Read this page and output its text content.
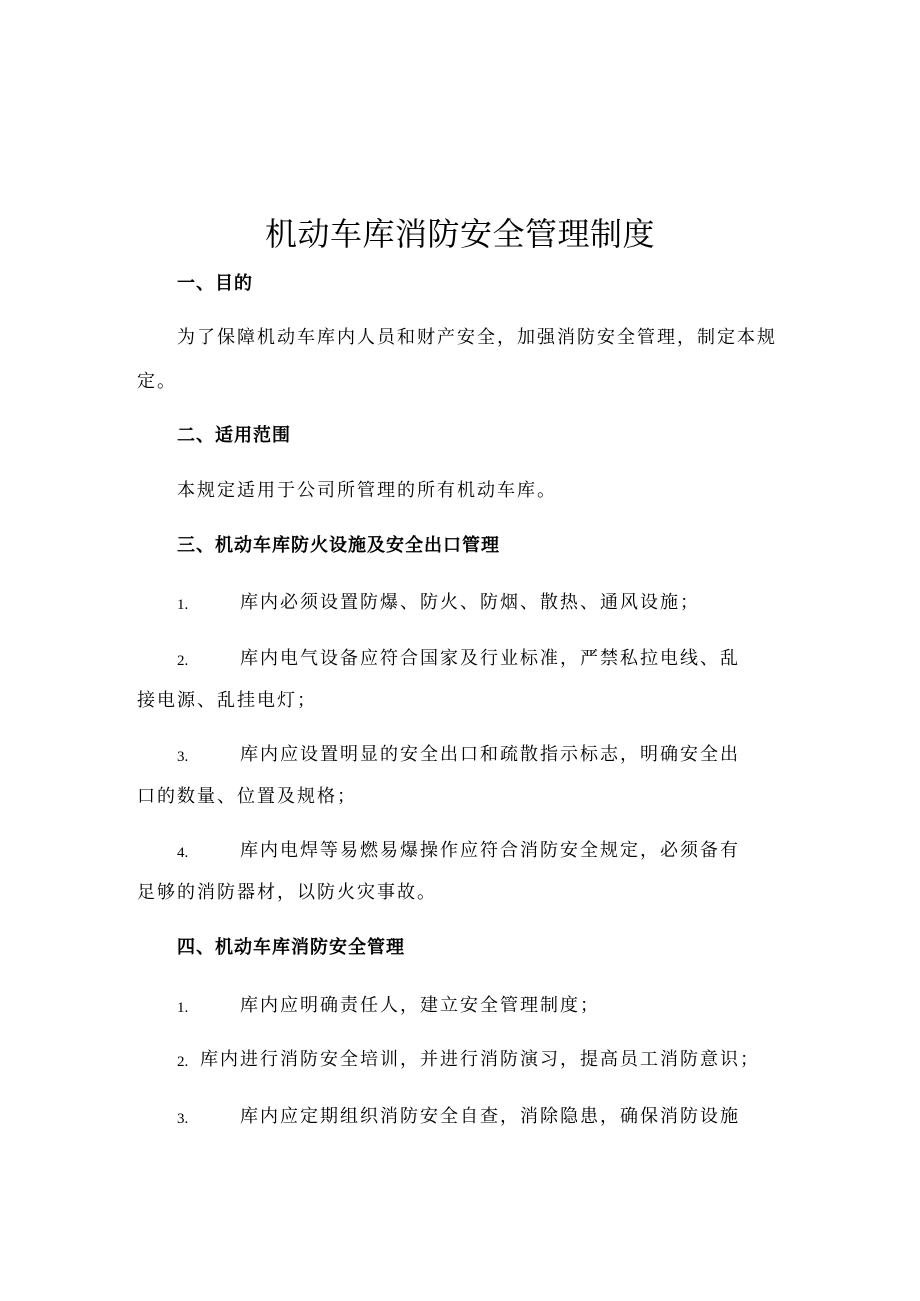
机动车库消防安全管理制度
一、目的
为了保障机动车库内人员和财产安全，加强消防安全管理，制定本规
定。
二、适用范围
本规定适用于公司所管理的所有机动车库。
三、机动车库防火设施及安全出口管理
1.	库内必须设置防爆、防火、防烟、散热、通风设施；
2.	库内电气设备应符合国家及行业标准，严禁私拉电线、乱
接电源、乱挂电灯；
3.	库内应设置明显的安全出口和疏散指示标志，明确安全出
口的数量、位置及规格；
4.	库内电焊等易燃易爆操作应符合消防安全规定，必须备有
足够的消防器材，以防火灾事故。
四、机动车库消防安全管理
1.	库内应明确责任人，建立安全管理制度；
2. 库内进行消防安全培训，并进行消防演习，提高员工消防意识；
3.	库内应定期组织消防安全自查，消除隐患，确保消防设施
